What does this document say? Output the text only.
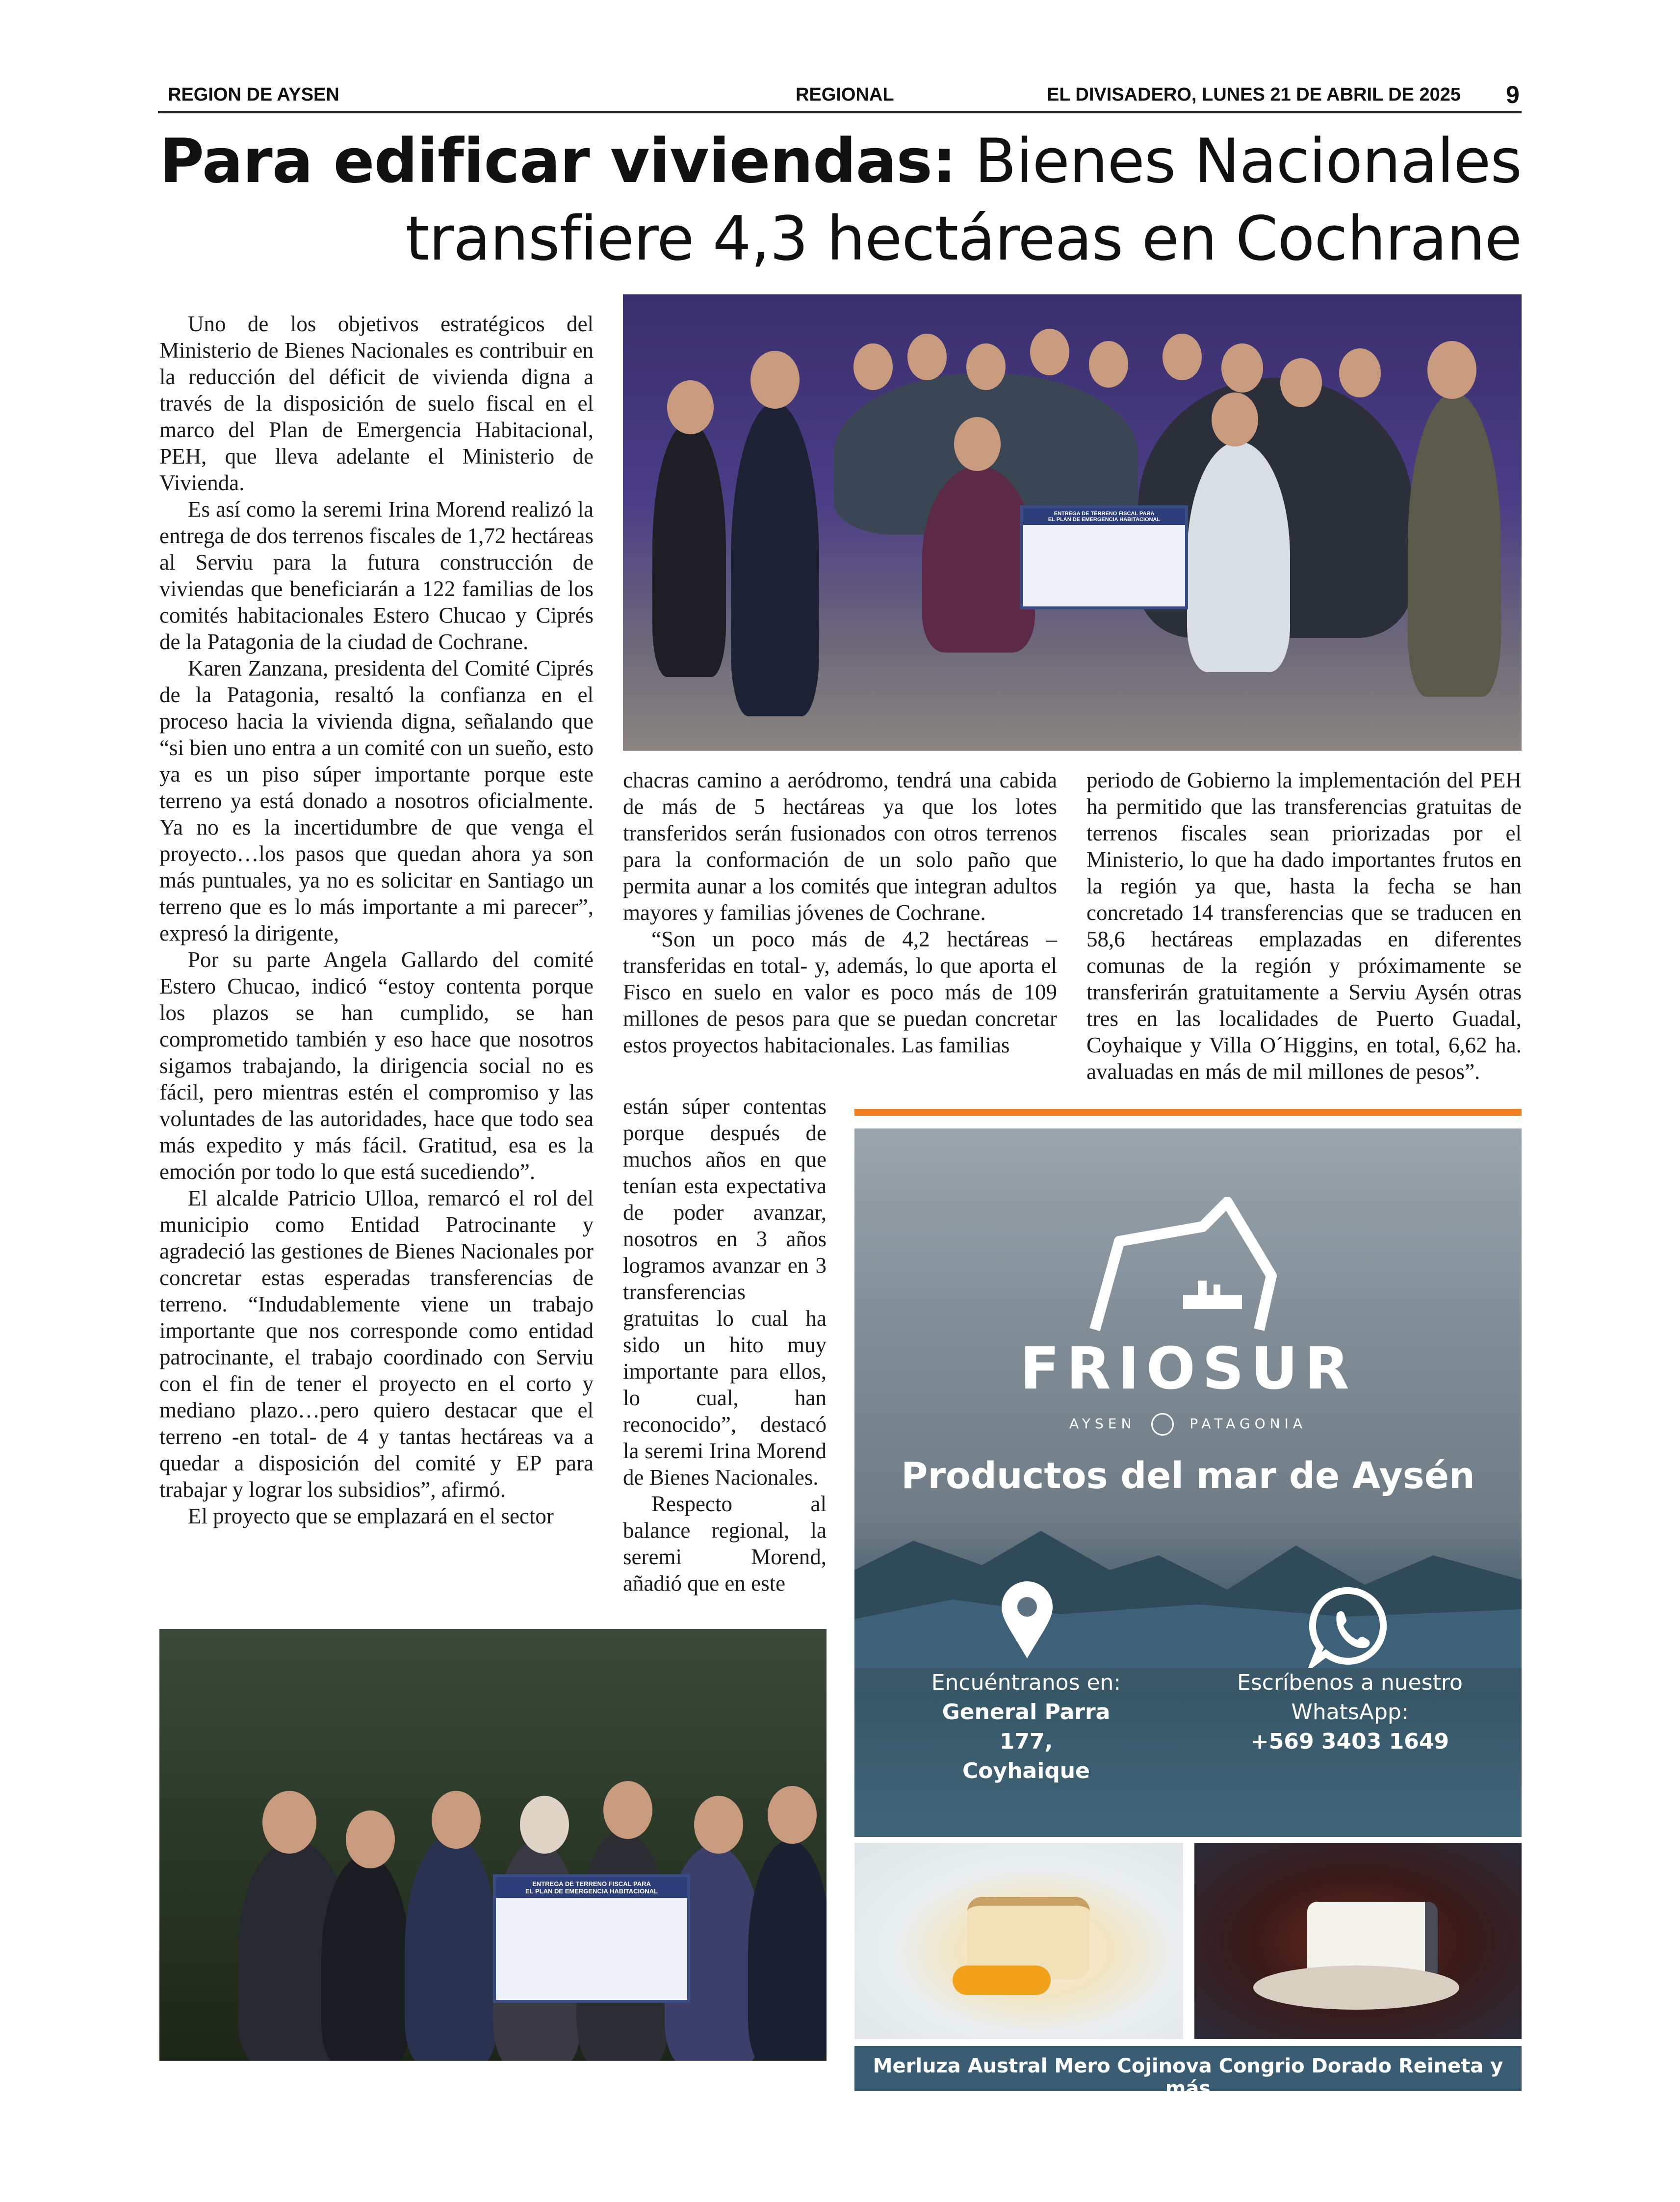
REGION DE AYSEN	REGIONAL	EL DIVISADERO, LUNES 21 DE ABRIL DE 2025 9
Para edificar viviendas: Bienes Nacionales transfiere 4,3 hectáreas en Cochrane

Uno de los objetivos estratégicos del Ministerio de Bienes Nacionales es contribuir en la reducción del déficit de vivienda digna a través de la disposición de suelo fiscal en el marco del Plan de Emergencia Habitacional, PEH, que lleva adelante el Ministerio de Vivienda.

Es así como la seremi Irina Morend realizó la entrega de dos terrenos fiscales de 1,72 hectáreas al Serviu para la futura construcción de viviendas que beneficiarán a 122 familias de los comités habitacionales Estero Chucao y Ciprés de la Patagonia de la ciudad de Cochrane.

Karen Zanzana, presidenta del Comité Ciprés de la Patagonia, resaltó la confianza en el proceso hacia la vivienda digna, señalando que “si bien uno entra a un comité con un sueño, esto ya es un piso súper importante porque este terreno ya está donado a nosotros oficialmente. Ya no es la incertidumbre de que venga el proyecto…los pasos que quedan ahora ya son más puntuales, ya no es solicitar en Santiago un terreno que es lo más importante a mi parecer”, expresó la dirigente,

Por su parte Angela Gallardo del comité Estero Chucao, indicó “estoy contenta porque los plazos se han cumplido, se han comprometido también y eso hace que nosotros sigamos trabajando, la dirigencia social no es fácil, pero mientras estén el compromiso y las voluntades de las autoridades, hace que todo sea más expedito y más fácil. Gratitud, esa es la emoción por todo lo que está sucediendo”.

El alcalde Patricio Ulloa, remarcó el rol del municipio como Entidad Patrocinante y agradeció las gestiones de Bienes Nacionales por concretar estas esperadas transferencias de terreno. “Indudablemente viene un trabajo importante que nos corresponde como entidad patrocinante, el trabajo coordinado con Serviu con el fin de tener el proyecto en el corto y mediano plazo…pero quiero destacar que el terreno -en total- de 4 y tantas hectáreas va a quedar a disposición del comité y EP para trabajar y lograr los subsidios”, afirmó.

El proyecto que se emplazará en el sector

ENTREGA DE TERRENO FISCAL PARA
EL PLAN DE EMERGENCIA HABITACIONAL

chacras camino a aeródromo, tendrá una cabida de más de 5 hectáreas ya que los lotes transferidos serán fusionados con otros terrenos para la conformación de un solo paño que permita aunar a los comités que integran adultos mayores y familias jóvenes de Cochrane.

“Son un poco más de 4,2 hectáreas –transferidas en total- y, además, lo que aporta el Fisco en suelo en valor es poco más de 109 millones de pesos para que se puedan concretar estos proyectos habitacionales. Las familias

están súper contentas porque después de muchos años en que tenían esta expectativa de poder avanzar, nosotros en 3 años logramos avanzar en 3 transferencias gratuitas lo cual ha sido un hito muy importante para ellos, lo cual, han reconocido”, destacó la seremi Irina Morend de Bienes Nacionales.

Respecto al balance regional, la seremi Morend, añadió que en este

periodo de Gobierno la implementación del PEH ha permitido que las transferencias gratuitas de terrenos fiscales sean priorizadas por el Ministerio, lo que ha dado importantes frutos en la región ya que, hasta la fecha se han concretado 14 transferencias que se traducen en 58,6 hectáreas emplazadas en diferentes comunas de la región y próximamente se transferirán gratuitamente a Serviu Aysén otras tres en las localidades de Puerto Guadal, Coyhaique y Villa O´Higgins, en total, 6,62 ha. avaluadas en más de mil millones de pesos”.

ENTREGA DE TERRENO FISCAL PARA
EL PLAN DE EMERGENCIA HABITACIONAL
FRIOSUR
AYSEN	PATAGONIA
Productos del mar de Aysén
Encuéntranos en:
General Parra 177,
Coyhaique
Escríbenos a nuestro
WhatsApp:
+569 3403 1649
Merluza Austral Mero Cojinova Congrio Dorado Reineta y más
